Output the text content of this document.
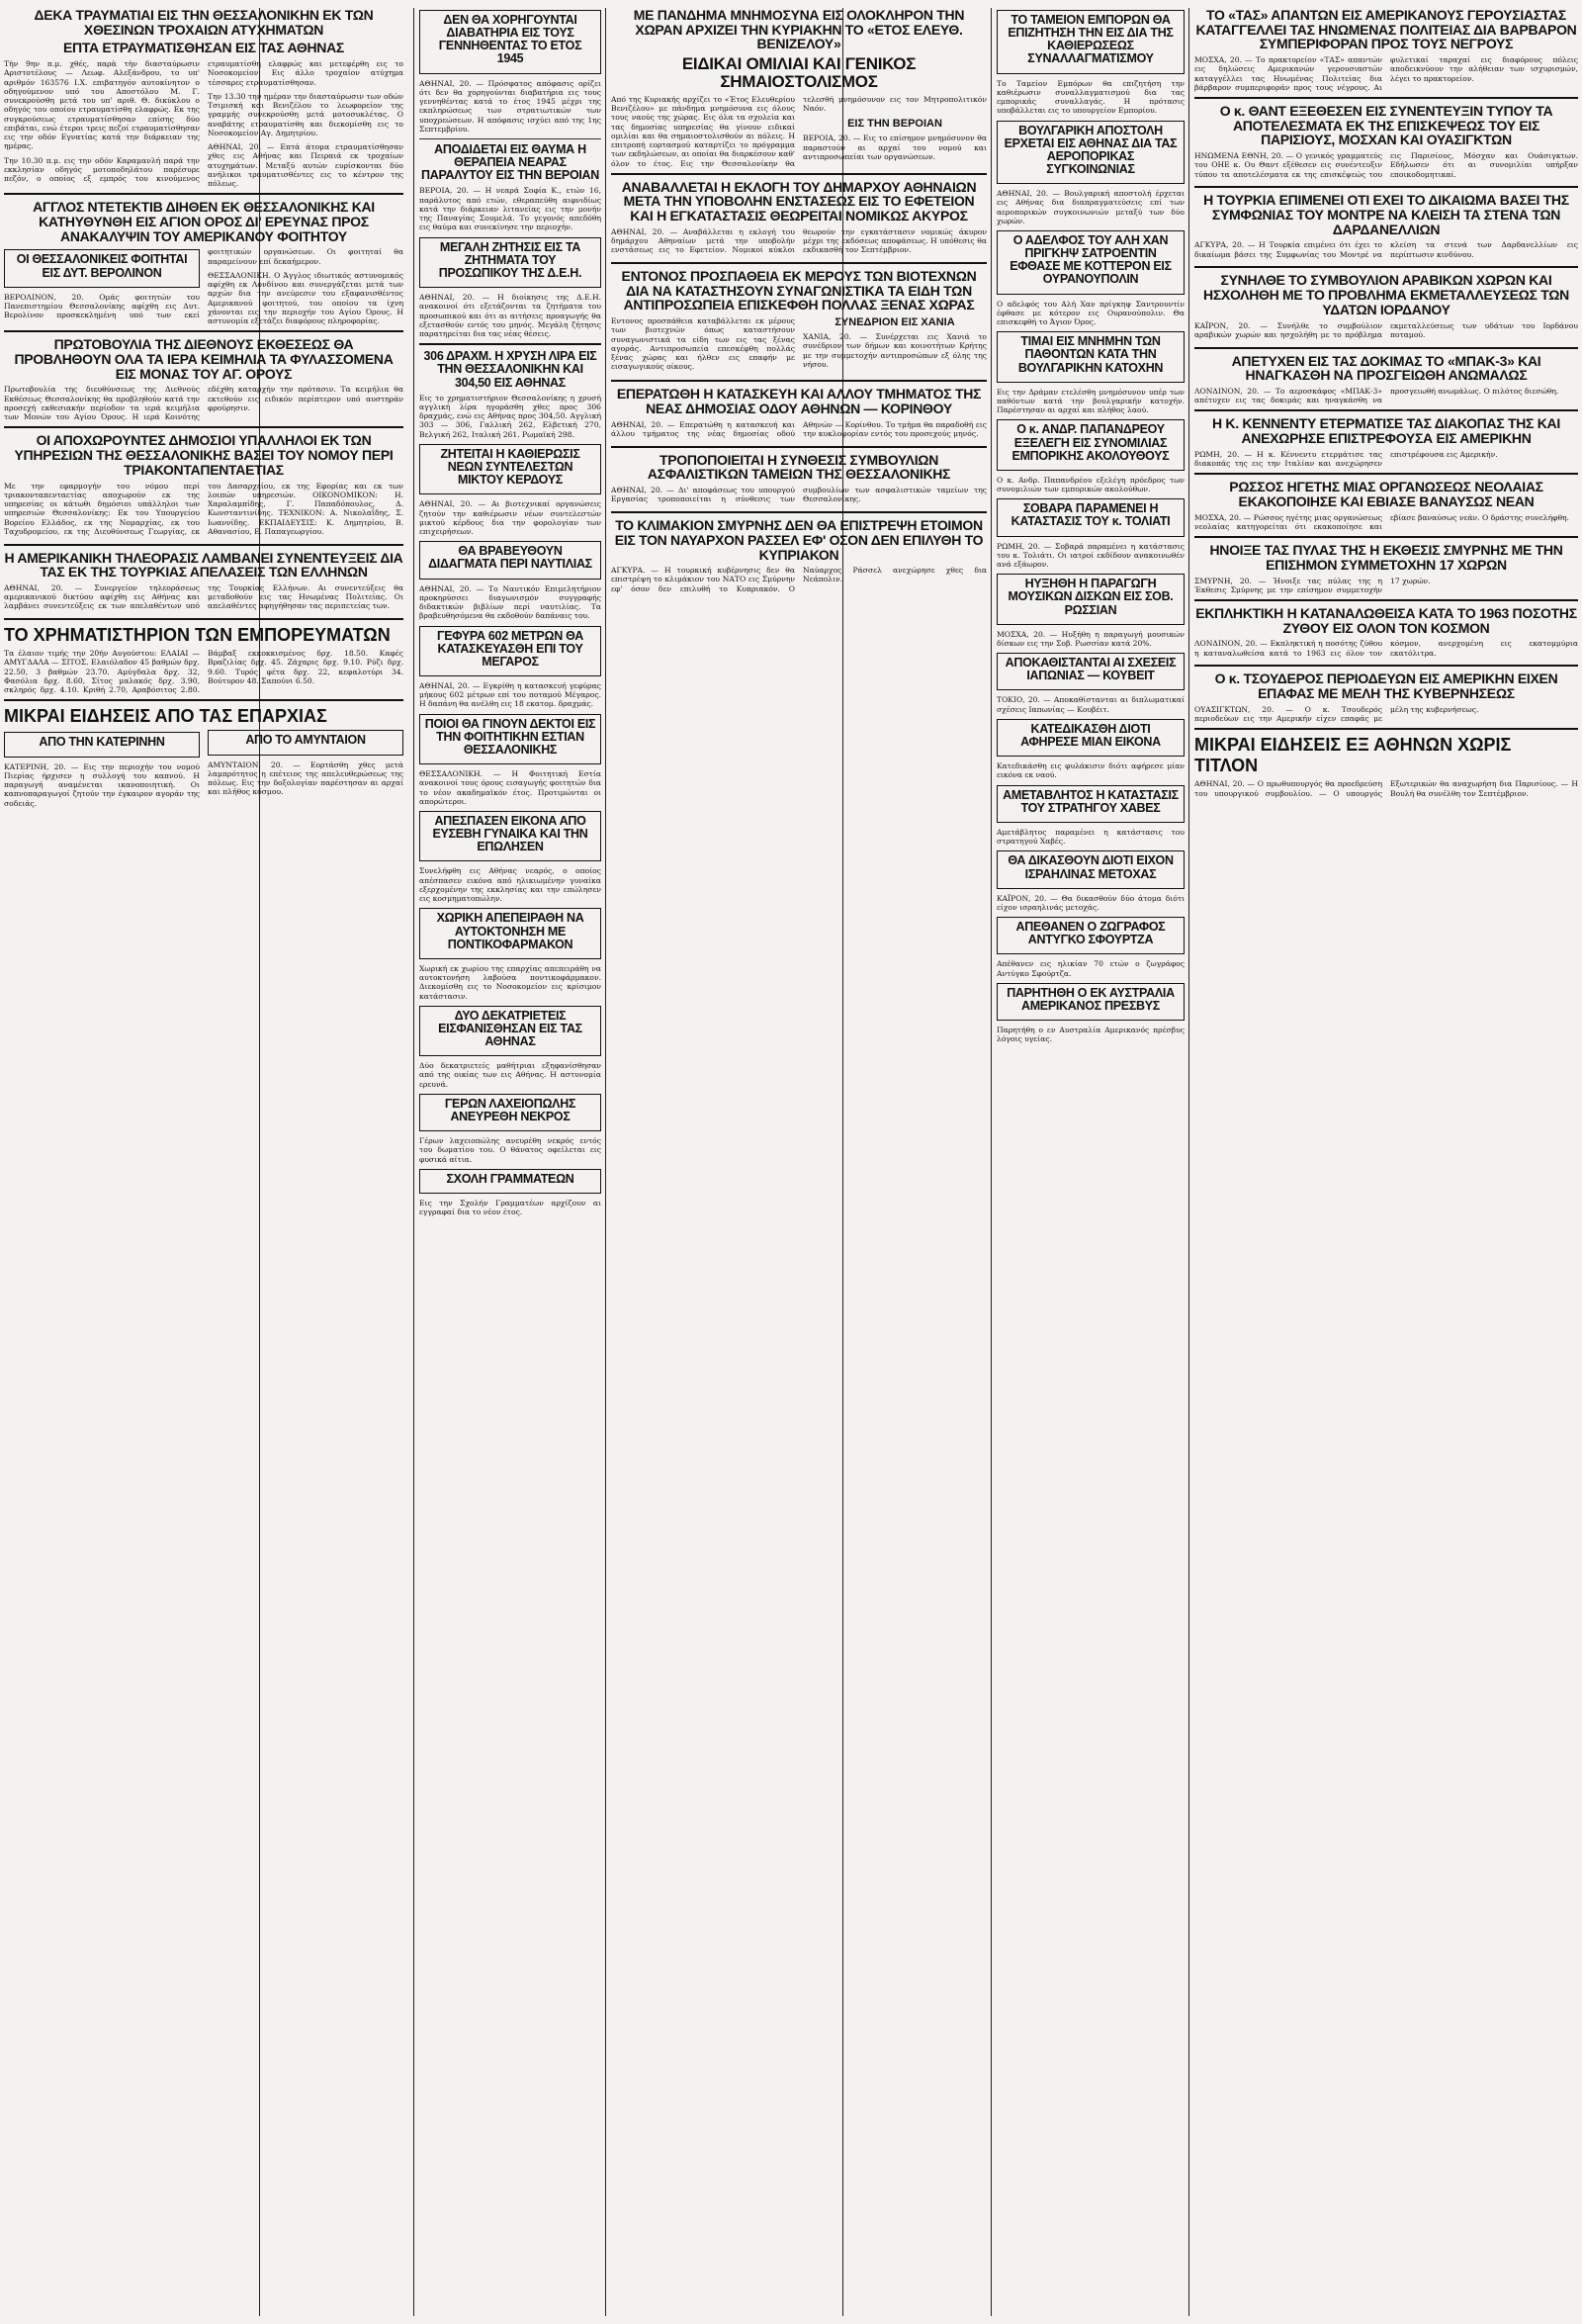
ΔΕΚΑ ΤΡΑΥΜΑΤΙΑΙ ΕΙΣ ΤΗΝ ΘΕΣΣΑΛΟΝΙΚΗΝ ΕΚ ΤΩΝ ΧΘΕΣΙΝΩΝ ΤΡΟΧΑΙΩΝ ΑΤΥΧΗΜΑΤΩΝ
ΕΠΤΑ ΕΤΡΑΥΜΑΤΙΣΘΗΣΑΝ ΕΙΣ ΤΑΣ ΑΘΗΝΑΣ

Τὴν 9ην π.μ. χθές, παρὰ τὴν διασταύρωσιν Αριστοτέλους — Λεωφ. Αλεξάνδρου, το υπ' αριθμόν 163576 Ι.Χ. επιβατηγόν αυτοκίνητον ο οδηγούμενον υπό του Αποστόλου Μ. Γ. συνεκρούσθη μετά του υπ' αριθ. Θ. δικύκλου ο οδηγός του οποίου ετραυματίσθη ελαφρώς. Εκ της συγκρούσεως ετραυματίσθησαν επίσης δύο επιβάται, ενώ έτεροι τρεις πεζοί ετραυματίσθησαν εις την οδόν Εγνατίας κατά την διάρκειαν της ημέρας.

Την 10.30 π.μ. εις την οδόν Καραμανλή παρά την εκκλησίαν οδηγός μοτοποδηλάτου παρέσυρε πεζόν, ο οποίος εξ εμπρός του κινούμενος ετραυματίσθη ελαφρώς και μετεφέρθη εις το Νοσοκομείον. Εις άλλο τροχαίον ατύχημα τέσσαρες ετραυματίσθησαν.

Την 13.30 την ημέραν την διασταύρωσιν των οδών Τσιμισκή και Βενιζέλου το λεωφορείον της γραμμής συνεκρούσθη μετά μοτοσυκλέτας. Ο αναβάτης ετραυματίσθη και διεκομίσθη εις το Νοσοκομείον Αγ. Δημητρίου.

ΑΘΗΝΑΙ, 20. — Επτά άτομα ετραυματίσθησαν χθες εις Αθήνας και Πειραιά εκ τροχαίων ατυχημάτων. Μεταξύ αυτών ευρίσκονται δύο ανήλικοι τραυματισθέντες εις το κέντρον της πόλεως.

ΑΓΓΛΟΣ ΝΤΕΤΕΚΤΙΒ ΔΙΗΘΕΝ ΕΚ ΘΕΣΣΑΛΟΝΙΚΗΣ ΚΑΙ ΚΑΤΗΥΘΥΝΘΗ ΕΙΣ ΑΓΙΟΝ ΟΡΟΣ ΔΙ' ΕΡΕΥΝΑΣ ΠΡΟΣ ΑΝΑΚΑΛΥΨΙΝ ΤΟΥ ΑΜΕΡΙΚΑΝΟΥ ΦΟΙΤΗΤΟΥ
ΟΙ ΘΕΣΣΑΛΟΝΙΚΕΙΣ ΦΟΙΤΗΤΑΙ ΕΙΣ ΔΥΤ. ΒΕΡΟΛΙΝΟΝ

ΒΕΡΟΛΙΝΟΝ, 20. Ομάς φοιτητών του Πανεπιστημίου Θεσσαλονίκης αφίχθη εις Δυτ. Βερολίνον προσκεκλημένη υπό των εκεί φοιτητικών οργανώσεων. Οι φοιτηταί θα παραμείνουν επί δεκαήμερον.

ΘΕΣΣΑΛΟΝΙΚΗ. Ο Άγγλος ιδιωτικός αστυνομικός αφίχθη εκ Λονδίνου και συνεργάζεται μετά των αρχών δια την ανεύρεσιν του εξαφανισθέντος Αμερικανού φοιτητού, του οποίου τα ίχνη χάνονται εις την περιοχήν του Αγίου Όρους. Η αστυνομία εξετάζει διαφόρους πληροφορίας.

ΠΡΩΤΟΒΟΥΛΙΑ ΤΗΣ ΔΙΕΘΝΟΥΣ ΕΚΘΕΣΕΩΣ ΘΑ ΠΡΟΒΛΗΘΟΥΝ ΟΛΑ ΤΑ ΙΕΡΑ ΚΕΙΜΗΛΙΑ ΤΑ ΦΥΛΑΣΣΟΜΕΝΑ ΕΙΣ ΜΟΝΑΣ ΤΟΥ ΑΓ. ΟΡΟΥΣ

Πρωτοβουλία της διευθύνσεως της Διεθνούς Εκθέσεως Θεσσαλονίκης θα προβληθούν κατά την προσεχή εκθεσιακήν περίοδον τα ιερά κειμήλια των Μονών του Αγίου Όρους. Η ιερά Κοινότης εδέχθη καταρχήν την πρότασιν. Τα κειμήλια θα εκτεθούν εις ειδικόν περίπτερον υπό αυστηράν φρούρησιν.

ΟΙ ΑΠΟΧΩΡΟΥΝΤΕΣ ΔΗΜΟΣΙΟΙ ΥΠΑΛΛΗΛΟΙ ΕΚ ΤΩΝ ΥΠΗΡΕΣΙΩΝ ΤΗΣ ΘΕΣΣΑΛΟΝΙΚΗΣ ΒΑΣΕΙ ΤΟΥ ΝΟΜΟΥ ΠΕΡΙ ΤΡΙΑΚΟΝΤΑΠΕΝΤΑΕΤΙΑΣ

Με την εφαρμογήν του νόμου περί τριακονταπενταετίας αποχωρούν εκ της υπηρεσίας οι κάτωθι δημόσιοι υπάλληλοι των υπηρεσιών Θεσσαλονίκης: Εκ του Υπουργείου Βορείου Ελλάδος, εκ της Νομαρχίας, εκ του Ταχυδρομείου, εκ της Διευθύνσεως Γεωργίας, εκ του Δασαρχείου, εκ της Εφορίας και εκ των λοιπών υπηρεσιών. ΟΙΚΟΝΟΜΙΚΟΝ: Η. Χαραλαμπίδης, Γ. Παπαδόπουλος, Δ. Κωνσταντινίδης. ΤΕΧΝΙΚΟΝ: Α. Νικολαΐδης, Σ. Ιωαννίδης. ΕΚΠΑΙΔΕΥΣΙΣ: Κ. Δημητρίου, Β. Αθανασίου, Ε. Παπαγεωργίου.

Η ΑΜΕΡΙΚΑΝΙΚΗ ΤΗΛΕΟΡΑΣΙΣ ΛΑΜΒΑΝΕΙ ΣΥΝΕΝΤΕΥΞΕΙΣ ΔΙΑ ΤΑΣ ΕΚ ΤΗΣ ΤΟΥΡΚΙΑΣ ΑΠΕΛΑΣΕΙΣ ΤΩΝ ΕΛΛΗΝΩΝ

ΑΘΗΝΑΙ, 20. — Συνεργείον τηλεοράσεως αμερικανικού δικτύου αφίχθη εις Αθήνας και λαμβάνει συνεντεύξεις εκ των απελαθέντων υπό της Τουρκίας Ελλήνων. Αι συνεντεύξεις θα μεταδοθούν εις τας Ηνωμένας Πολιτείας. Οι απελαθέντες αφηγήθησαν τας περιπετείας των.

ΤΟ ΧΡΗΜΑΤΙΣΤΗΡΙΟΝ ΤΩΝ ΕΜΠΟΡΕΥΜΑΤΩΝ

Τα έλαιον τιμής την 20ήν Αυγούστου: ΕΛΑΙΑΙ — ΑΜΥΓΔΑΛΑ — ΣΙΤΟΣ. Ελαιόλαδον 45 βαθμών δρχ. 22.50, 3 βαθμών 23.70. Αμύγδαλα δρχ. 32, Φασόλια δρχ. 8.60, Σίτος μαλακός δρχ. 3.90, σκληρός δρχ. 4.10. Κριθή 2.70, Αραβόσιτος 2.80. Βάμβαξ εκκοκκισμένος δρχ. 18.50. Καφές Βραζιλίας δρχ. 45. Ζάχαρις δρχ. 9.10. Ρύζι δρχ. 9.60. Τυρός φέτα δρχ. 22, κεφαλοτύρι 34. Βούτυρον 48. Σαπούνι 6.50.

ΜΙΚΡΑΙ ΕΙΔΗΣΕΙΣ ΑΠΟ ΤΑΣ ΕΠΑΡΧΙΑΣ
ΑΠΟ ΤΗΝ ΚΑΤΕΡΙΝΗΝ

ΚΑΤΕΡΙΝΗ, 20. — Εις την περιοχήν του νομού Πιερίας ήρχισεν η συλλογή του καπνού. Η παραγωγή αναμένεται ικανοποιητική. Οι καπνοπαραγωγοί ζητούν την έγκαιρον αγοράν της σοδειάς.

ΑΠΟ ΤΟ ΑΜΥΝΤΑΙΟΝ

ΑΜΥΝΤΑΙΟΝ, 20. — Εορτάσθη χθες μετά λαμπρότητος η επέτειος της απελευθερώσεως της πόλεως. Εις την δοξολογίαν παρέστησαν αι αρχαί και πλήθος κόσμου.

ΔΕΝ ΘΑ ΧΟΡΗΓΟΥΝΤΑΙ ΔΙΑΒΑΤΗΡΙΑ ΕΙΣ ΤΟΥΣ ΓΕΝΝΗΘΕΝΤΑΣ ΤΟ ΕΤΟΣ 1945

ΑΘΗΝΑΙ, 20. — Πρόσφατος απόφασις ορίζει ότι δεν θα χορηγούνται διαβατήρια εις τους γεννηθέντας κατά το έτος 1945 μέχρι της εκπληρώσεως των στρατιωτικών των υποχρεώσεων. Η απόφασις ισχύει από της 1ης Σεπτεμβρίου.

ΑΠΟΔΙΔΕΤΑΙ ΕΙΣ ΘΑΥΜΑ Η ΘΕΡΑΠΕΙΑ ΝΕΑΡΑΣ ΠΑΡΑΛΥΤΟΥ ΕΙΣ ΤΗΝ ΒΕΡΟΙΑΝ

ΒΕΡΟΙΑ, 20. — Η νεαρά Σοφία Κ., ετών 16, παράλυτος από ετών, εθεραπεύθη αιφνιδίως κατά την διάρκειαν λιτανείας εις την μονήν της Παναγίας Σουμελά. Το γεγονός απεδόθη εις θαύμα και συνεκίνησε την περιοχήν.

ΜΕΓΑΛΗ ΖΗΤΗΣΙΣ ΕΙΣ ΤΑ ΖΗΤΗΜΑΤΑ ΤΟΥ ΠΡΟΣΩΠΙΚΟΥ ΤΗΣ Δ.Ε.Η.

ΑΘΗΝΑΙ, 20. — Η διοίκησις της Δ.Ε.Η. ανακοινοί ότι εξετάζονται τα ζητήματα του προσωπικού και ότι αι αιτήσεις προαγωγής θα εξετασθούν εντός του μηνός. Μεγάλη ζήτησις παρατηρείται δια τας νέας θέσεις.

306 ΔΡΑΧΜ. Η ΧΡΥΣΗ ΛΙΡΑ ΕΙΣ ΤΗΝ ΘΕΣΣΑΛΟΝΙΚΗΝ ΚΑΙ 304,50 ΕΙΣ ΑΘΗΝΑΣ

Εις το χρηματιστήριον Θεσσαλονίκης η χρυσή αγγλική λίρα ηγοράσθη χθες προς 306 δραχμάς, ενώ εις Αθήνας προς 304,50. Αγγλική 303 — 306, Γαλλική 262, Ελβετική 270, Βελγική 262, Ιταλική 261. Ρωμαϊκή 298.

ΖΗΤΕΙΤΑΙ Η ΚΑΘΙΕΡΩΣΙΣ ΝΕΩΝ ΣΥΝΤΕΛΕΣΤΩΝ ΜΙΚΤΟΥ ΚΕΡΔΟΥΣ

ΑΘΗΝΑΙ, 20. — Αι βιοτεχνικαί οργανώσεις ζητούν την καθιέρωσιν νέων συντελεστών μικτού κέρδους δια την φορολογίαν των επιχειρήσεων.

ΘΑ ΒΡΑΒΕΥΘΟΥΝ ΔΙΔΑΓΜΑΤΑ ΠΕΡΙ ΝΑΥΤΙΛΙΑΣ

ΑΘΗΝΑΙ, 20. — Το Ναυτικόν Επιμελητήριον προκηρύσσει διαγωνισμόν συγγραφής διδακτικών βιβλίων περί ναυτιλίας. Τα βραβευθησόμενα θα εκδοθούν δαπάναις του.

ΓΕΦΥΡΑ 602 ΜΕΤΡΩΝ ΘΑ ΚΑΤΑΣΚΕΥΑΣΘΗ ΕΠΙ ΤΟΥ ΜΕΓΑΡΟΣ

ΑΘΗΝΑΙ, 20. — Εγκρίθη η κατασκευή γεφύρας μήκους 602 μέτρων επί του ποταμού Μέγαρος. Η δαπάνη θα ανέλθη εις 18 εκατομ. δραχμάς.

ΠΟΙΟΙ ΘΑ ΓΙΝΟΥΝ ΔΕΚΤΟΙ ΕΙΣ ΤΗΝ ΦΟΙΤΗΤΙΚΗΝ ΕΣΤΙΑΝ ΘΕΣΣΑΛΟΝΙΚΗΣ

ΘΕΣΣΑΛΟΝΙΚΗ. — Η Φοιτητική Εστία ανακοινοί τους όρους εισαγωγής φοιτητών δια το νέον ακαδημαϊκόν έτος. Προτιμώνται οι απορώτεροι.

ΑΠΕΣΠΑΣΕΝ ΕΙΚΟΝΑ ΑΠΟ ΕΥΣΕΒΗ ΓΥΝΑΙΚΑ ΚΑΙ ΤΗΝ ΕΠΩΛΗΣΕΝ

Συνελήφθη εις Αθήνας νεαρός, ο οποίος απέσπασεν εικόνα από ηλικιωμένην γυναίκα εξερχομένην της εκκλησίας και την επώλησεν εις κοσμηματοπώλην.

ΧΩΡΙΚΗ ΑΠΕΠΕΙΡΑΘΗ ΝΑ ΑΥΤΟΚΤΟΝΗΣΗ ΜΕ ΠΟΝΤΙΚΟΦΑΡΜΑΚΟΝ

Χωρική εκ χωρίου της επαρχίας απεπειράθη να αυτοκτονήση λαβούσα ποντικοφάρμακον. Διεκομίσθη εις το Νοσοκομείον εις κρίσιμον κατάστασιν.

ΔΥΟ ΔΕΚΑΤΡΙΕΤΕΙΣ ΕΙΣΦΑΝΙΣΘΗΣΑΝ ΕΙΣ ΤΑΣ ΑΘΗΝΑΣ

Δύο δεκατριετείς μαθήτριαι εξηφανίσθησαν από της οικίας των εις Αθήνας. Η αστυνομία ερευνά.

ΓΕΡΩΝ ΛΑΧΕΙΟΠΩΛΗΣ ΑΝΕΥΡΕΘΗ ΝΕΚΡΟΣ

Γέρων λαχειοπώλης ανευρέθη νεκρός εντός του δωματίου του. Ο θάνατος οφείλεται εις φυσικά αίτια.

ΣΧΟΛΗ ΓΡΑΜΜΑΤΕΩΝ

Εις την Σχολήν Γραμματέων αρχίζουν αι εγγραφαί δια το νέον έτος.

ΜΕ ΠΑΝΔΗΜΑ ΜΝΗΜΟΣΥΝΑ ΕΙΣ ΟΛΟΚΛΗΡΟΝ ΤΗΝ ΧΩΡΑΝ ΑΡΧΙΖΕΙ ΤΗΝ ΚΥΡΙΑΚΗΝ ΤΟ «ΕΤΟΣ ΕΛΕΥΘ. ΒΕΝΙΖΕΛΟΥ»
ΕΙΔΙΚΑΙ ΟΜΙΛΙΑΙ ΚΑΙ ΓΕΝΙΚΟΣ ΣΗΜΑΙΟΣΤΟΛΙΣΜΟΣ

Από της Κυριακής αρχίζει το «Έτος Ελευθερίου Βενιζέλου» με πάνδημα μνημόσυνα εις όλους τους ναούς της χώρας. Εις όλα τα σχολεία και τας δημοσίας υπηρεσίας θα γίνουν ειδικαί ομιλίαι και θα σημαιοστολισθούν αι πόλεις. Η επιτροπή εορτασμού καταρτίζει το πρόγραμμα των εκδηλώσεων, αι οποίαι θα διαρκέσουν καθ' όλον το έτος. Εις την Θεσσαλονίκην θα τελεσθή μνημόσυνον εις τον Μητροπολιτικόν Ναόν.

ΕΙΣ ΤΗΝ ΒΕΡΟΙΑΝ

ΒΕΡΟΙΑ, 20. — Εις το επίσημον μνημόσυνον θα παραστούν αι αρχαί του νομού και αντιπροσωπείαι των οργανώσεων.

ΑΝΑΒΑΛΛΕΤΑΙ Η ΕΚΛΟΓΗ ΤΟΥ ΔΗΜΑΡΧΟΥ ΑΘΗΝΑΙΩΝ ΜΕΤΑ ΤΗΝ ΥΠΟΒΟΛΗΝ ΕΝΣΤΑΣΕΩΣ ΕΙΣ ΤΟ ΕΦΕΤΕΙΟΝ ΚΑΙ Η ΕΓΚΑΤΑΣΤΑΣΙΣ ΘΕΩΡΕΙΤΑΙ ΝΟΜΙΚΩΣ ΑΚΥΡΟΣ

ΑΘΗΝΑΙ, 20. — Αναβάλλεται η εκλογή του δημάρχου Αθηναίων μετά την υποβολήν ενστάσεως εις το Εφετείον. Νομικοί κύκλοι θεωρούν την εγκατάστασιν νομικώς άκυρον μέχρι της εκδόσεως αποφάσεως. Η υπόθεσις θα εκδικασθή τον Σεπτέμβριον.

ΕΝΤΟΝΟΣ ΠΡΟΣΠΑΘΕΙΑ ΕΚ ΜΕΡΟΥΣ ΤΩΝ ΒΙΟΤΕΧΝΩΝ ΔΙΑ ΝΑ ΚΑΤΑΣΤΗΣΟΥΝ ΣΥΝΑΓΩΝΙΣΤΙΚΑ ΤΑ ΕΙΔΗ ΤΩΝ ΑΝΤΙΠΡΟΣΩΠΕΙΑ ΕΠΙΣΚΕΦΘΗ ΠΟΛΛΑΣ ΞΕΝΑΣ ΧΩΡΑΣ

Εντονος προσπάθεια καταβάλλεται εκ μέρους των βιοτεχνών όπως καταστήσουν συναγωνιστικά τα είδη των εις τας ξένας αγοράς. Αντιπροσωπεία επεσκέφθη πολλάς ξένας χώρας και ήλθεν εις επαφήν με εισαγωγικούς οίκους.

ΣΥΝΕΔΡΙΟΝ ΕΙΣ ΧΑΝΙΑ

ΧΑΝΙΑ, 20. — Συνέρχεται εις Χανιά το συνέδριον των δήμων και κοινοτήτων Κρήτης με την συμμετοχήν αντιπροσώπων εξ όλης της νήσου.

ΕΠΕΡΑΤΩΘΗ Η ΚΑΤΑΣΚΕΥΗ ΚΑΙ ΑΛΛΟΥ ΤΜΗΜΑΤΟΣ ΤΗΣ ΝΕΑΣ ΔΗΜΟΣΙΑΣ ΟΔΟΥ ΑΘΗΝΩΝ — ΚΟΡΙΝΘΟΥ

ΑΘΗΝΑΙ, 20. — Επερατώθη η κατασκευή και άλλου τμήματος της νέας δημοσίας οδού Αθηνών — Κορίνθου. Το τμήμα θα παραδοθή εις την κυκλοφορίαν εντός του προσεχούς μηνός.

ΤΡΟΠΟΠΟΙΕΙΤΑΙ Η ΣΥΝΘΕΣΙΣ ΣΥΜΒΟΥΛΙΩΝ ΑΣΦΑΛΙΣΤΙΚΩΝ ΤΑΜΕΙΩΝ ΤΗΣ ΘΕΣΣΑΛΟΝΙΚΗΣ

ΑΘΗΝΑΙ, 20. — Δι' αποφάσεως του υπουργού Εργασίας τροποποιείται η σύνθεσις των συμβουλίων των ασφαλιστικών ταμείων της Θεσσαλονίκης.

ΤΟ ΚΛΙΜΑΚΙΟΝ ΣΜΥΡΝΗΣ ΔΕΝ ΘΑ ΕΠΙΣΤΡΕΨΗ ΕΤΟΙΜΟΝ ΕΙΣ ΤΟΝ ΝΑΥΑΡΧΟΝ ΡΑΣΣΕΛ ΕΦ' ΟΣΟΝ ΔΕΝ ΕΠΙΛΥΘΗ ΤΟ ΚΥΠΡΙΑΚΟΝ

ΑΓΚΥΡΑ. — Η τουρκική κυβέρνησις δεν θα επιστρέψη το κλιμάκιον του ΝΑΤΟ εις Σμύρνην εφ' όσον δεν επιλυθή το Κυπριακόν. Ο Ναύαρχος Ράσσελ ανεχώρησε χθες δια Νεάπολιν.

ΤΟ ΤΑΜΕΙΟΝ ΕΜΠΟΡΩΝ ΘΑ ΕΠΙΖΗΤΗΣΗ ΤΗΝ ΕΙΣ ΔΙΑ ΤΗΣ ΚΑΘΙΕΡΩΣΕΩΣ ΣΥΝΑΛΛΑΓΜΑΤΙΣΜΟΥ

Το Ταμείον Εμπόρων θα επιζητήση την καθιέρωσιν συναλλαγματισμού δια τας εμπορικάς συναλλαγάς. Η πρότασις υποβάλλεται εις το υπουργείον Εμπορίου.

ΒΟΥΛΓΑΡΙΚΗ ΑΠΟΣΤΟΛΗ ΕΡΧΕΤΑΙ ΕΙΣ ΑΘΗΝΑΣ ΔΙΑ ΤΑΣ ΑΕΡΟΠΟΡΙΚΑΣ ΣΥΓΚΟΙΝΩΝΙΑΣ

ΑΘΗΝΑΙ, 20. — Βουλγαρική αποστολή έρχεται εις Αθήνας δια διαπραγματεύσεις επί των αεροπορικών συγκοινωνιών μεταξύ των δύο χωρών.

Ο ΑΔΕΛΦΟΣ ΤΟΥ ΑΛΗ ΧΑΝ ΠΡΙΓΚΗΨ ΣΑΤΡΟΕΝΤΙΝ ΕΦΘΑΣΕ ΜΕ ΚΟΤΤΕΡΟΝ ΕΙΣ ΟΥΡΑΝΟΥΠΟΛΙΝ

Ο αδελφός του Αλή Χαν πρίγκηψ Σαντρουντίν έφθασε με κότερον εις Ουρανούπολιν. Θα επισκεφθή το Άγιον Όρος.

ΤΙΜΑΙ ΕΙΣ ΜΝΗΜΗΝ ΤΩΝ ΠΑΘΟΝΤΩΝ ΚΑΤΑ ΤΗΝ ΒΟΥΛΓΑΡΙΚΗΝ ΚΑΤΟΧΗΝ

Εις την Δράμαν ετελέσθη μνημόσυνον υπέρ των παθόντων κατά την βουλγαρικήν κατοχήν. Παρέστησαν αι αρχαί και πλήθος λαού.

Ο κ. ΑΝΔΡ. ΠΑΠΑΝΔΡΕΟΥ ΕΞΕΛΕΓΗ ΕΙΣ ΣΥΝΟΜΙΛΙΑΣ ΕΜΠΟΡΙΚΗΣ ΑΚΟΛΟΥΘΟΥΣ

Ο κ. Ανδρ. Παπανδρέου εξελέγη πρόεδρος των συνομιλιών των εμπορικών ακολούθων.

ΣΟΒΑΡΑ ΠΑΡΑΜΕΝΕΙ Η ΚΑΤΑΣΤΑΣΙΣ ΤΟΥ κ. ΤΟΛΙΑΤΙ

ΡΩΜΗ, 20. — Σοβαρά παραμένει η κατάστασις του κ. Τολιάτι. Οι ιατροί εκδίδουν ανακοινωθέν ανά εξάωρον.

ΗΥΞΗΘΗ Η ΠΑΡΑΓΩΓΗ ΜΟΥΣΙΚΩΝ ΔΙΣΚΩΝ ΕΙΣ ΣΟΒ. ΡΩΣΣΙΑΝ

ΜΟΣΧΑ, 20. — Ηυξήθη η παραγωγή μουσικών δίσκων εις την Σοβ. Ρωσσίαν κατά 20%.

ΑΠΟΚΑΘΙΣΤΑΝΤΑΙ ΑΙ ΣΧΕΣΕΙΣ ΙΑΠΩΝΙΑΣ — ΚΟΥΒΕΙΤ

ΤΟΚΙΟ, 20. — Αποκαθίστανται αι διπλωματικαί σχέσεις Ιαπωνίας — Κουβέιτ.

ΚΑΤΕΔΙΚΑΣΘΗ ΔΙΟΤΙ ΑΦΗΡΕΣΕ ΜΙΑΝ ΕΙΚΟΝΑ

Κατεδικάσθη εις φυλάκισιν διότι αφήρεσε μίαν εικόνα εκ ναού.

ΑΜΕΤΑΒΛΗΤΟΣ Η ΚΑΤΑΣΤΑΣΙΣ ΤΟΥ ΣΤΡΑΤΗΓΟΥ ΧΑΒΕΣ

Αμετάβλητος παραμένει η κατάστασις του στρατηγού Χαβές.

ΘΑ ΔΙΚΑΣΘΟΥΝ ΔΙΟΤΙ ΕΙΧΟΝ ΙΣΡΑΗΛΙΝΑΣ ΜΕΤΟΧΑΣ

ΚΑΪΡΟΝ, 20. — Θα δικασθούν δύο άτομα διότι είχον ισραηλινάς μετοχάς.

ΑΠΕΘΑΝΕΝ Ο ΖΩΓΡΑΦΟΣ ΑΝΤΥΓΚΟ ΣΦΟΥΡΤΖΑ

Απέθανεν εις ηλικίαν 70 ετών ο ζωγράφος Αντύγκο Σφούρτζα.

ΠΑΡΗΤΗΘΗ Ο ΕΚ ΑΥΣΤΡΑΛΙΑ ΑΜΕΡΙΚΑΝΟΣ ΠΡΕΣΒΥΣ

Παρητήθη ο εν Αυστραλία Αμερικανός πρέσβυς λόγοις υγείας.

ΤΟ «ΤΑΣ» ΑΠΑΝΤΩΝ ΕΙΣ ΑΜΕΡΙΚΑΝΟΥΣ ΓΕΡΟΥΣΙΑΣΤΑΣ ΚΑΤΑΓΓΕΛΛΕΙ ΤΑΣ ΗΝΩΜΕΝΑΣ ΠΟΛΙΤΕΙΑΣ ΔΙΑ ΒΑΡΒΑΡΟΝ ΣΥΜΠΕΡΙΦΟΡΑΝ ΠΡΟΣ ΤΟΥΣ ΝΕΓΡΟΥΣ

ΜΟΣΧΑ, 20. — Το πρακτορείον «ΤΑΣ» απαντών εις δηλώσεις Αμερικανών γερουσιαστών καταγγέλλει τας Ηνωμένας Πολιτείας δια βάρβαρον συμπεριφοράν προς τους νέγρους. Αι φυλετικαί ταραχαί εις διαφόρους πόλεις αποδεικνύουν την αλήθειαν των ισχυρισμών, λέγει το πρακτορείον.

Ο κ. ΘΑΝΤ ΕΞΕΘΕΣΕΝ ΕΙΣ ΣΥΝΕΝΤΕΥΞΙΝ ΤΥΠΟΥ ΤΑ ΑΠΟΤΕΛΕΣΜΑΤΑ ΕΚ ΤΗΣ ΕΠΙΣΚΕΨΕΩΣ ΤΟΥ ΕΙΣ ΠΑΡΙΣΙΟΥΣ, ΜΟΣΧΑΝ ΚΑΙ ΟΥΑΣΙΓΚΤΩΝ

ΗΝΩΜΕΝΑ ΕΘΝΗ, 20. — Ο γενικός γραμματεύς του ΟΗΕ κ. Ου Θαντ εξέθεσεν εις συνέντευξιν τύπου τα αποτελέσματα εκ της επισκέψεώς του εις Παρισίους, Μόσχαν και Ουάσιγκτων. Εδήλωσεν ότι αι συνομιλίαι υπήρξαν εποικοδομητικαί.

Η ΤΟΥΡΚΙΑ ΕΠΙΜΕΝΕΙ ΟΤΙ ΕΧΕΙ ΤΟ ΔΙΚΑΙΩΜΑ ΒΑΣΕΙ ΤΗΣ ΣΥΜΦΩΝΙΑΣ ΤΟΥ ΜΟΝΤΡΕ ΝΑ ΚΛΕΙΣΗ ΤΑ ΣΤΕΝΑ ΤΩΝ ΔΑΡΔΑΝΕΛΛΙΩΝ

ΑΓΚΥΡΑ, 20. — Η Τουρκία επιμένει ότι έχει το δικαίωμα βάσει της Συμφωνίας του Μοντρέ να κλείση τα στενά των Δαρδανελλίων εις περίπτωσιν κινδύνου.

ΣΥΝΗΛΘΕ ΤΟ ΣΥΜΒΟΥΛΙΟΝ ΑΡΑΒΙΚΩΝ ΧΩΡΩΝ ΚΑΙ ΗΣΧΟΛΗΘΗ ΜΕ ΤΟ ΠΡΟΒΛΗΜΑ ΕΚΜΕΤΑΛΛΕΥΣΕΩΣ ΤΩΝ ΥΔΑΤΩΝ ΙΟΡΔΑΝΟΥ

ΚΑΪΡΟΝ, 20. — Συνήλθε το συμβούλιον αραβικών χωρών και ησχολήθη με το πρόβλημα εκμεταλλεύσεως των υδάτων του Ιορδάνου ποταμού.

ΑΠΕΤΥΧΕΝ ΕΙΣ ΤΑΣ ΔΟΚΙΜΑΣ ΤΟ «ΜΠΑΚ-3» ΚΑΙ ΗΝΑΓΚΑΣΘΗ ΝΑ ΠΡΟΣΓΕΙΩΘΗ ΑΝΩΜΑΛΩΣ

ΛΟΝΔΙΝΟΝ, 20. — Το αεροσκάφος «ΜΠΑΚ-3» απέτυχεν εις τας δοκιμάς και ηναγκάσθη να προσγειωθή ανωμάλως. Ο πιλότος διεσώθη.

Η Κ. ΚΕΝΝΕΝΤΥ ΕΤΕΡΜΑΤΙΣΕ ΤΑΣ ΔΙΑΚΟΠΑΣ ΤΗΣ ΚΑΙ ΑΝΕΧΩΡΗΣΕ ΕΠΙΣΤΡΕΦΟΥΣΑ ΕΙΣ ΑΜΕΡΙΚΗΝ

ΡΩΜΗ, 20. — Η κ. Κέννεντυ ετερμάτισε τας διακοπάς της εις την Ιταλίαν και ανεχώρησεν επιστρέφουσα εις Αμερικήν.

ΡΩΣΣΟΣ ΗΓΕΤΗΣ ΜΙΑΣ ΟΡΓΑΝΩΣΕΩΣ ΝΕΟΛΑΙΑΣ ΕΚΑΚΟΠΟΙΗΣΕ ΚΑΙ ΕΒΙΑΣΕ ΒΑΝΑΥΣΩΣ ΝΕΑΝ

ΜΟΣΧΑ, 20. — Ρώσσος ηγέτης μιας οργανώσεως νεολαίας κατηγορείται ότι εκακοποίησε και εβίασε βαναύσως νεάν. Ο δράστης συνελήφθη.

ΗΝΟΙΞΕ ΤΑΣ ΠΥΛΑΣ ΤΗΣ Η ΕΚΘΕΣΙΣ ΣΜΥΡΝΗΣ ΜΕ ΤΗΝ ΕΠΙΣΗΜΟΝ ΣΥΜΜΕΤΟΧΗΝ 17 ΧΩΡΩΝ

ΣΜΥΡΝΗ, 20. — Ήνοιξε τας πύλας της η Έκθεσις Σμύρνης με την επίσημον συμμετοχήν 17 χωρών.

ΕΚΠΛΗΚΤΙΚΗ Η ΚΑΤΑΝΑΛΩΘΕΙΣΑ ΚΑΤΑ ΤΟ 1963 ΠΟΣΟΤΗΣ ΖΥΘΟΥ ΕΙΣ ΟΛΟΝ ΤΟΝ ΚΟΣΜΟΝ

ΛΟΝΔΙΝΟΝ, 20. — Εκπληκτική η ποσότης ζύθου η καταναλωθείσα κατά το 1963 εις όλον τον κόσμον, ανερχομένη εις εκατομμύρια εκατόλιτρα.

Ο κ. ΤΣΟΥΔΕΡΟΣ ΠΕΡΙΟΔΕΥΩΝ ΕΙΣ ΑΜΕΡΙΚΗΝ ΕΙΧΕΝ ΕΠΑΦΑΣ ΜΕ ΜΕΛΗ ΤΗΣ ΚΥΒΕΡΝΗΣΕΩΣ

ΟΥΑΣΙΓΚΤΩΝ, 20. — Ο κ. Τσουδερός περιοδεύων εις την Αμερικήν είχεν επαφάς με μέλη της κυβερνήσεως.

ΜΙΚΡΑΙ ΕΙΔΗΣΕΙΣ ΕΞ ΑΘΗΝΩΝ ΧΩΡΙΣ ΤΙΤΛΟΝ

ΑΘΗΝΑΙ, 20. — Ο πρωθυπουργός θα προεδρεύση του υπουργικού συμβουλίου. — Ο υπουργός Εξωτερικών θα αναχωρήση δια Παρισίους. — Η Βουλή θα συνέλθη τον Σεπτέμβριον.
